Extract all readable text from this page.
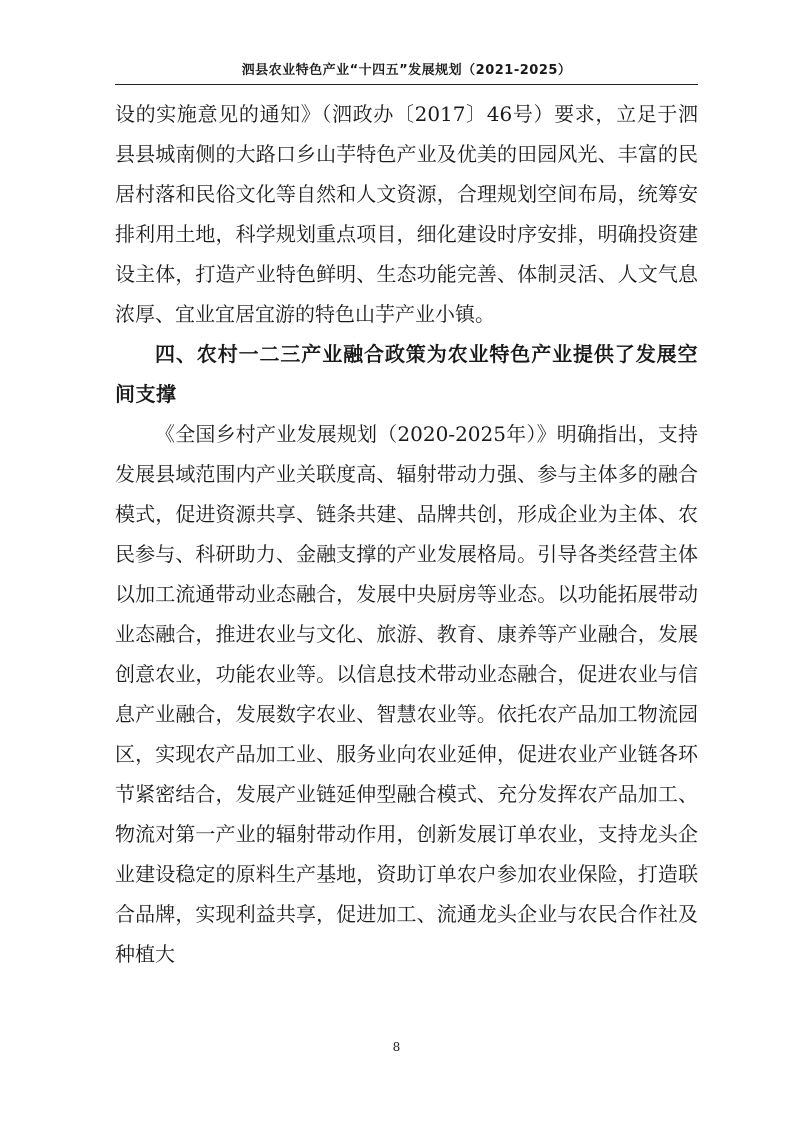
泗县农业特色产业“十四五”发展规划（2021-2025）

设的实施意见的通知》（泗政办〔2017〕46号）要求，立足于泗县县城南侧的大路口乡山芋特色产业及优美的田园风光、丰富的民居村落和民俗文化等自然和人文资源，合理规划空间布局，统筹安排利用土地，科学规划重点项目，细化建设时序安排，明确投资建设主体，打造产业特色鲜明、生态功能完善、体制灵活、人文气息浓厚、宜业宜居宜游的特色山芋产业小镇。

四、农村一二三产业融合政策为农业特色产业提供了发展空间支撑

《全国乡村产业发展规划（2020-2025年）》明确指出，支持发展县域范围内产业关联度高、辐射带动力强、参与主体多的融合模式，促进资源共享、链条共建、品牌共创，形成企业为主体、农民参与、科研助力、金融支撑的产业发展格局。引导各类经营主体以加工流通带动业态融合，发展中央厨房等业态。以功能拓展带动业态融合，推进农业与文化、旅游、教育、康养等产业融合，发展创意农业，功能农业等。以信息技术带动业态融合，促进农业与信息产业融合，发展数字农业、智慧农业等。依托农产品加工物流园区，实现农产品加工业、服务业向农业延伸，促进农业产业链各环节紧密结合，发展产业链延伸型融合模式、充分发挥农产品加工、物流对第一产业的辐射带动作用，创新发展订单农业，支持龙头企业建设稳定的原料生产基地，资助订单农户参加农业保险，打造联合品牌，实现利益共享，促进加工、流通龙头企业与农民合作社及种植大

8
